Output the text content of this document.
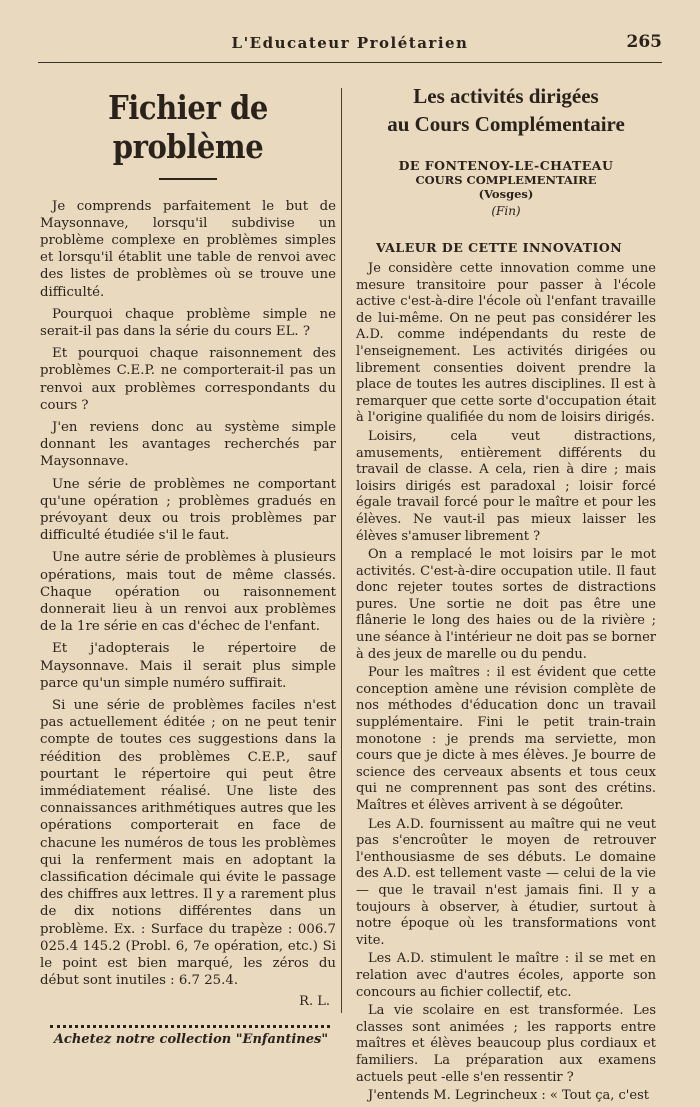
L'Educateur Prolétarien	265
Fichier de problème

Je comprends parfaitement le but de Maysonnave, lorsqu'il subdivise un problème complexe en problèmes simples et lorsqu'il établit une table de renvoi avec des listes de problèmes où se trouve une difficulté.

Pourquoi chaque problème simple ne serait-il pas dans la série du cours EL. ?

Et pourquoi chaque raisonnement des problèmes C.E.P. ne comporterait-il pas un renvoi aux problèmes correspondants du cours ?

J'en reviens donc au système simple donnant les avantages recherchés par Maysonnave.

Une série de problèmes ne comportant qu'une opération ; problèmes gradués en prévoyant deux ou trois problèmes par difficulté étudiée s'il le faut.

Une autre série de problèmes à plusieurs opérations, mais tout de même classés. Chaque opération ou raisonnement donnerait lieu à un renvoi aux problèmes de la 1re série en cas d'échec de l'enfant.

Et j'adopterais le répertoire de Maysonnave. Mais il serait plus simple parce qu'un simple numéro suffirait.

Si une série de problèmes faciles n'est pas actuellement éditée ; on ne peut tenir compte de toutes ces suggestions dans la réédition des problèmes C.E.P., sauf pourtant le répertoire qui peut être immédiatement réalisé. Une liste des connaissances arithmétiques autres que les opérations comporterait en face de chacune les numéros de tous les problèmes qui la renferment mais en adoptant la classification décimale qui évite le passage des chiffres aux lettres. Il y a rarement plus de dix notions différentes dans un problème. Ex. : Surface du trapèze : 006.7 025.4 145.2 (Probl. 6, 7e opération, etc.) Si le point est bien marqué, les zéros du début sont inutiles : 6.7 25.4.

R. L.
Achetez notre collection "Enfantines"
Les activités dirigées
au Cours Complémentaire
DE FONTENOY-LE-CHATEAU
COURS COMPLEMENTAIRE
(Vosges)
(Fin)
VALEUR DE CETTE INNOVATION

Je considère cette innovation comme une mesure transitoire pour passer à l'école active c'est-à-dire l'école où l'enfant travaille de lui-même. On ne peut pas considérer les A.D. comme indépendants du reste de l'enseignement. Les activités dirigées ou librement consenties doivent prendre la place de toutes les autres disciplines. Il est à remarquer que cette sorte d'occupation était à l'origine qualifiée du nom de loisirs dirigés.

Loisirs, cela veut distractions, amusements, entièrement différents du travail de classe. A cela, rien à dire ; mais loisirs dirigés est paradoxal ; loisir forcé égale travail forcé pour le maître et pour les élèves. Ne vaut-il pas mieux laisser les élèves s'amuser librement ?

On a remplacé le mot loisirs par le mot activités. C'est-à-dire occupation utile. Il faut donc rejeter toutes sortes de distractions pures. Une sortie ne doit pas être une flânerie le long des haies ou de la rivière ; une séance à l'intérieur ne doit pas se borner à des jeux de marelle ou du pendu.

Pour les maîtres : il est évident que cette conception amène une révision complète de nos méthodes d'éducation donc un travail supplémentaire. Fini le petit train-train monotone : je prends ma serviette, mon cours que je dicte à mes élèves. Je bourre de science des cerveaux absents et tous ceux qui ne comprennent pas sont des crétins. Maîtres et élèves arrivent à se dégoûter.

Les A.D. fournissent au maître qui ne veut pas s'encroûter le moyen de retrouver l'enthousiasme de ses débuts. Le domaine des A.D. est tellement vaste — celui de la vie — que le travail n'est jamais fini. Il y a toujours à observer, à étudier, surtout à notre époque où les transformations vont vite.

Les A.D. stimulent le maître : il se met en relation avec d'autres écoles, apporte son concours au fichier collectif, etc.

La vie scolaire en est transformée. Les classes sont animées ; les rapports entre maîtres et élèves beaucoup plus cordiaux et familiers. La préparation aux examens actuels peut -elle s'en ressentir ?

J'entends M. Legrincheux : « Tout ça, c'est
